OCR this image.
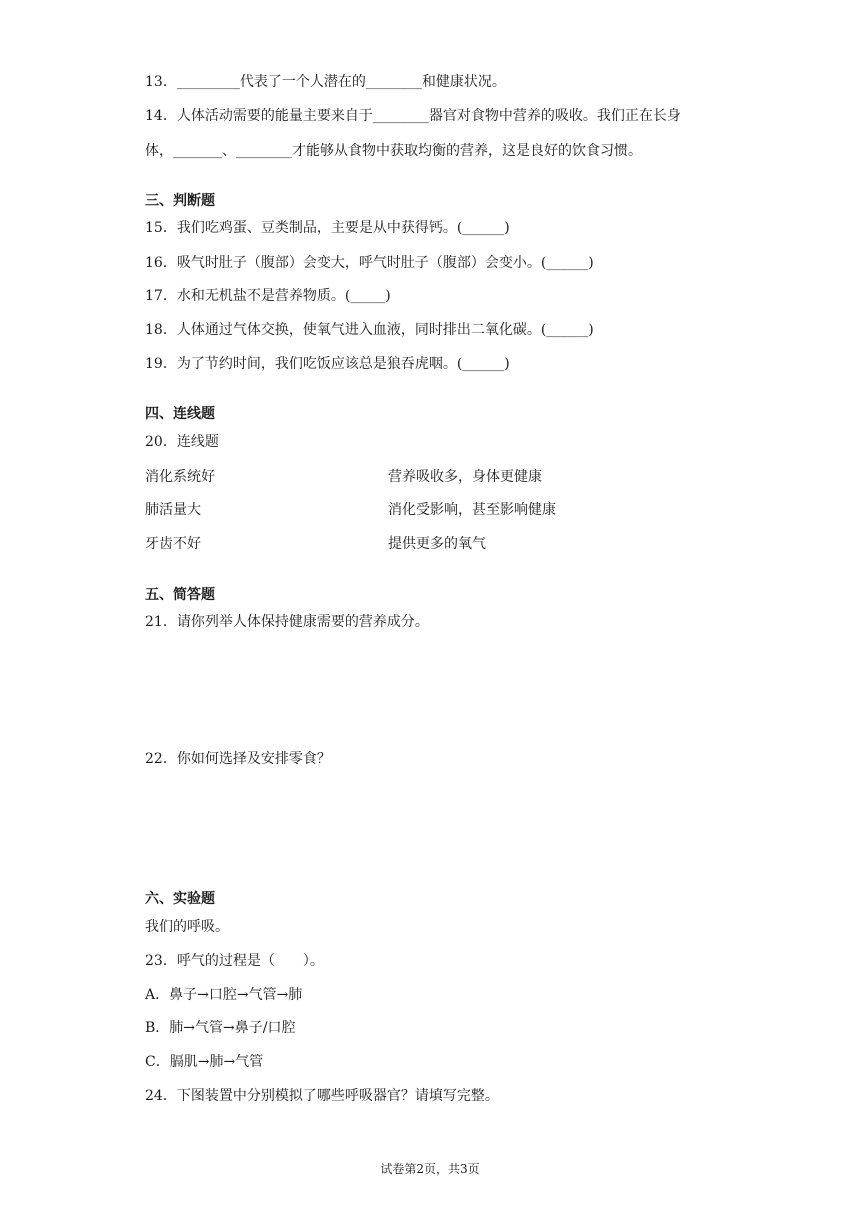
13．_________代表了一个人潜在的________和健康状况。
14．人体活动需要的能量主要来自于________器官对食物中营养的吸收。我们正在长身
体，_______、________才能够从食物中获取均衡的营养，这是良好的饮食习惯。
三、判断题
15．我们吃鸡蛋、豆类制品，主要是从中获得钙。(______)
16．吸气时肚子（腹部）会变大，呼气时肚子（腹部）会变小。(______)
17．水和无机盐不是营养物质。(_____)
18．人体通过气体交换，使氧气进入血液，同时排出二氧化碳。(______)
19．为了节约时间，我们吃饭应该总是狼吞虎咽。(______)
四、连线题
20．连线题
消化系统好	营养吸收多，身体更健康
肺活量大	消化受影响，甚至影响健康
牙齿不好	提供更多的氧气
五、简答题
21．请你列举人体保持健康需要的营养成分。
22．你如何选择及安排零食？
六、实验题
我们的呼吸。
23．呼气的过程是（　　）。
A．鼻子→口腔→气管→肺
B．肺→气管→鼻子/口腔
C．膈肌→肺→气管
24．下图装置中分别模拟了哪些呼吸器官？请填写完整。
试卷第2页，共3页
